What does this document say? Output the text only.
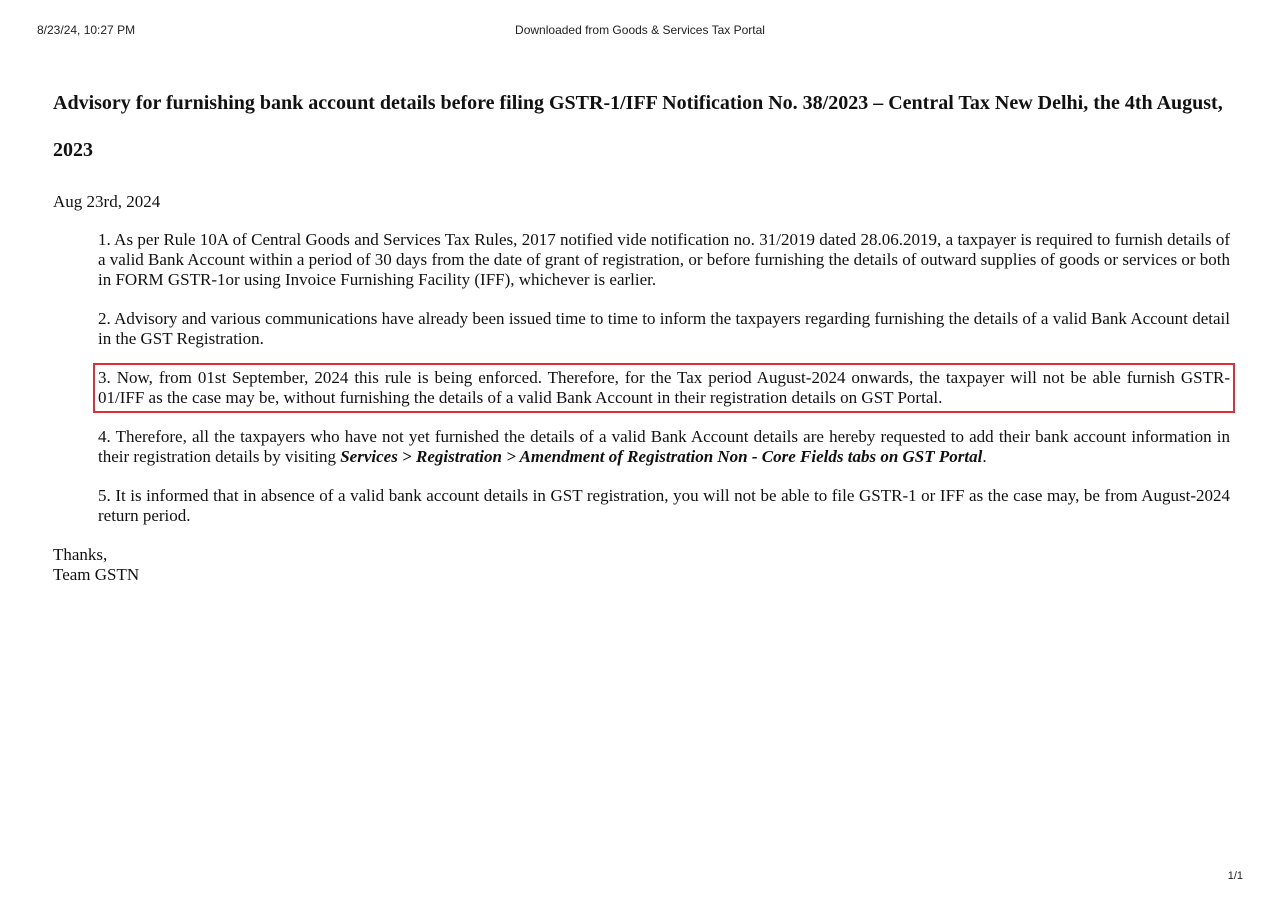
8/23/24, 10:27 PM	Downloaded from Goods & Services Tax Portal
Advisory for furnishing bank account details before filing GSTR-1/IFF Notification No. 38/2023 – Central Tax New Delhi, the 4th August, 2023
Aug 23rd, 2024

1. As per Rule 10A of Central Goods and Services Tax Rules, 2017 notified vide notification no. 31/2019 dated 28.06.2019, a taxpayer is required to furnish details of a valid Bank Account within a period of 30 days from the date of grant of registration, or before furnishing the details of outward supplies of goods or services or both in FORM GSTR-1or using Invoice Furnishing Facility (IFF), whichever is earlier.

2. Advisory and various communications have already been issued time to time to inform the taxpayers regarding furnishing the details of a valid Bank Account detail in the GST Registration.

3. Now, from 01st September, 2024 this rule is being enforced. Therefore, for the Tax period August-2024 onwards, the taxpayer will not be able furnish GSTR-01/IFF as the case may be, without furnishing the details of a valid Bank Account in their registration details on GST Portal.

4. Therefore, all the taxpayers who have not yet furnished the details of a valid Bank Account details are hereby requested to add their bank account information in their registration details by visiting Services > Registration > Amendment of Registration Non - Core Fields tabs on GST Portal.

5. It is informed that in absence of a valid bank account details in GST registration, you will not be able to file GSTR-1 or IFF as the case may, be from August-2024 return period.

Thanks,
Team GSTN
1/1
